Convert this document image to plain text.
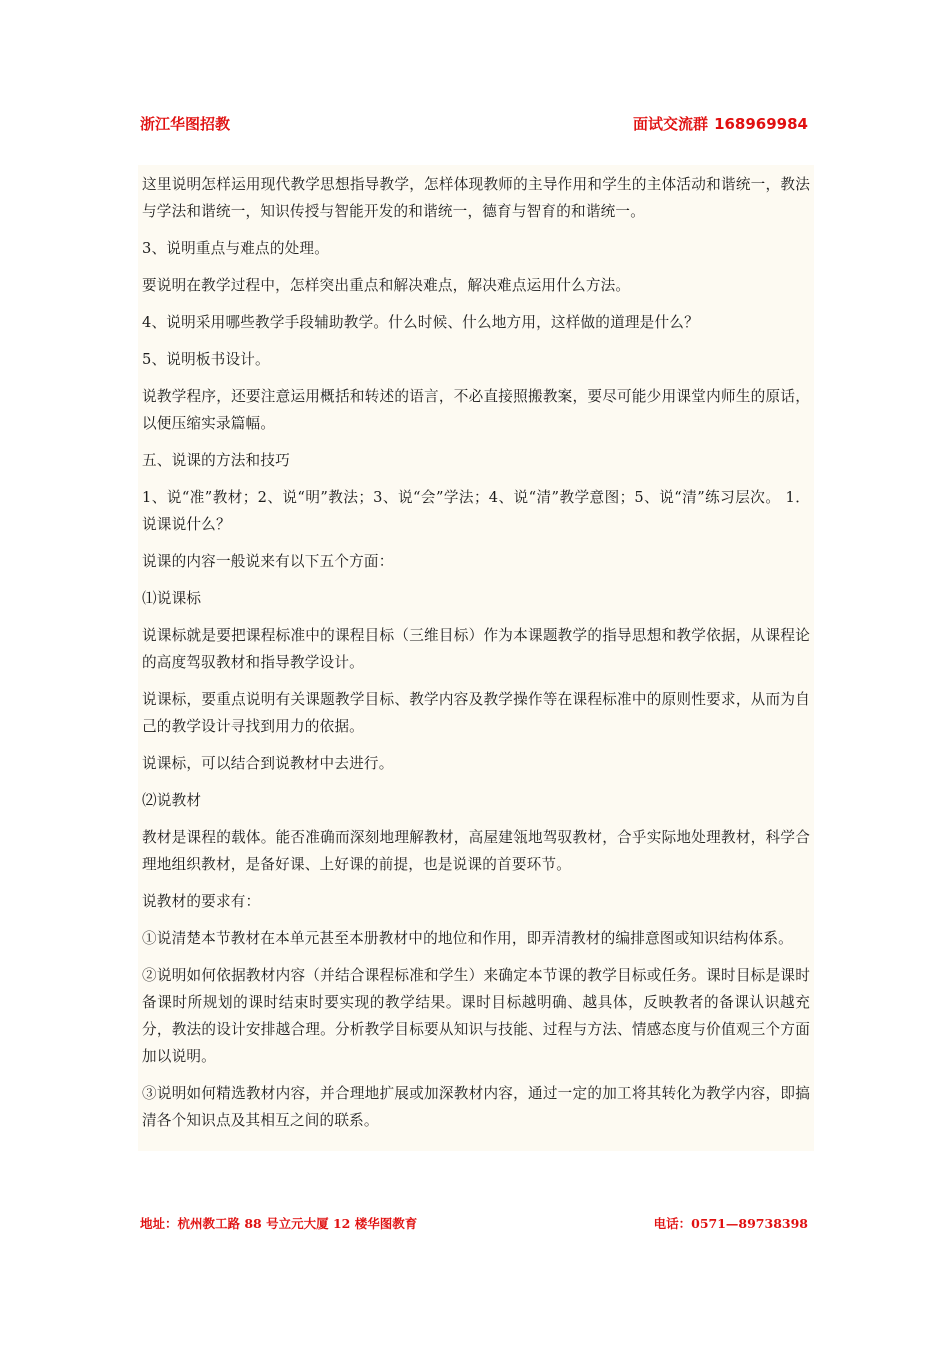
浙江华图招教	面试交流群 168969984

这里说明怎样运用现代教学思想指导教学，怎样体现教师的主导作用和学生的主体活动和谐统一，教法与学法和谐统一，知识传授与智能开发的和谐统一，德育与智育的和谐统一。

3、说明重点与难点的处理。

要说明在教学过程中，怎样突出重点和解决难点，解决难点运用什么方法。

4、说明采用哪些教学手段辅助教学。什么时候、什么地方用，这样做的道理是什么？

5、说明板书设计。

说教学程序，还要注意运用概括和转述的语言，不必直接照搬教案，要尽可能少用课堂内师生的原话，以便压缩实录篇幅。

五、说课的方法和技巧

1、说“准”教材；2、说“明”教法；3、说“会”学法；4、说“清”教学意图；5、说“清”练习层次。 1．说课说什么？

说课的内容一般说来有以下五个方面：

⑴说课标

说课标就是要把课程标准中的课程目标（三维目标）作为本课题教学的指导思想和教学依据，从课程论的高度驾驭教材和指导教学设计。

说课标，要重点说明有关课题教学目标、教学内容及教学操作等在课程标准中的原则性要求，从而为自己的教学设计寻找到用力的依据。

说课标，可以结合到说教材中去进行。

⑵说教材

教材是课程的载体。能否准确而深刻地理解教材，高屋建瓴地驾驭教材，合乎实际地处理教材，科学合理地组织教材，是备好课、上好课的前提，也是说课的首要环节。

说教材的要求有：

①说清楚本节教材在本单元甚至本册教材中的地位和作用，即弄清教材的编排意图或知识结构体系。

②说明如何依据教材内容（并结合课程标准和学生）来确定本节课的教学目标或任务。课时目标是课时备课时所规划的课时结束时要实现的教学结果。课时目标越明确、越具体，反映教者的备课认识越充分，教法的设计安排越合理。分析教学目标要从知识与技能、过程与方法、情感态度与价值观三个方面加以说明。

③说明如何精选教材内容，并合理地扩展或加深教材内容，通过一定的加工将其转化为教学内容，即搞清各个知识点及其相互之间的联系。

地址：杭州教工路 88 号立元大厦 12 楼华图教育	电话：0571—89738398
